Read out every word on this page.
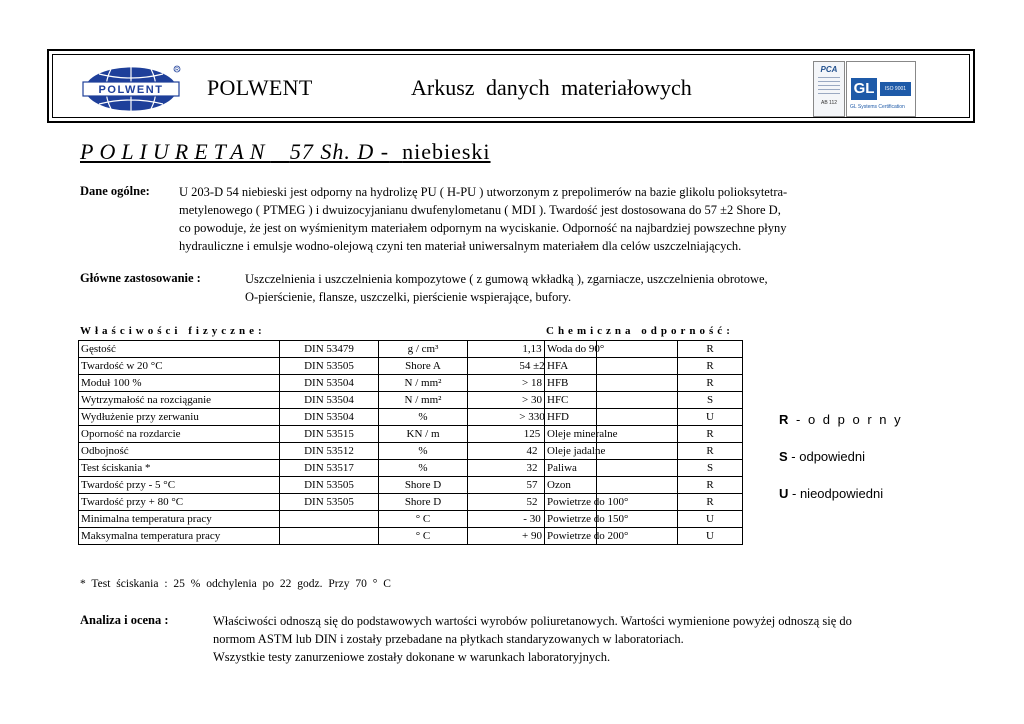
POLWENT
R
POLWENT	Arkusz danych materiałowych
PCA
AB 112
GL	ISO 9001
GL Systems Certification
POLIURETAN 57 Sh. D - niebieski
Dane ogólne: U 203-D 54 niebieski jest odporny na hydrolizę PU ( H-PU ) utworzonym z prepolimerów na bazie glikolu polioksytetra-
metylenowego ( PTMEG ) i dwuizocyjanianu dwufenylometanu ( MDI ). Twardość jest dostosowana do 57 ±2 Shore D,
co powoduje, że jest on wyśmienitym materiałem odpornym na wyciskanie. Odporność na najbardziej powszechne płyny
hydrauliczne i emulsje wodno-olejową czyni ten materiał uniwersalnym materiałem dla celów uszczelniających.
Główne zastosowanie :	Uszczelnienia i uszczelnienia kompozytowe ( z gumową wkładką ), zgarniacze, uszczelnienia obrotowe,
O-pierścienie, flansze, uszczelki, pierścienie wspierające, bufory.
Właściwości fizyczne:	Chemiczna odporność:
Gęstość	DIN 53479	g / cm³	1,13
Twardość w 20 °C	DIN 53505	Shore A	54 ±2
Moduł 100 %	DIN 53504	N / mm²	> 18
Wytrzymałość na rozciąganie	DIN 53504	N / mm²	> 30
Wydłużenie przy zerwaniu	DIN 53504	%	> 330
Oporność na rozdarcie	DIN 53515	KN / m	125
Odbojność	DIN 53512	%	42
Test ściskania *	DIN 53517	%	32
Twardość przy - 5 °C	DIN 53505	Shore D	57
Twardość przy + 80 °C	DIN 53505	Shore D	52
Minimalna temperatura pracy		° C	- 30
Maksymalna temperatura pracy		° C	+ 90
Woda do 90°	R
HFA	R
HFB	R
HFC	S
HFD	U
Oleje mineralne	R
Oleje jadalne	R
Paliwa	S
Ozon	R
Powietrze do 100°	R
Powietrze do 150°	U
Powietrze do 200°	U
R - o d p o r n y
S - odpowiedni
U - nieodpowiedni
* Test ściskania : 25 % odchylenia po 22 godz. Przy 70 ° C
Analiza i ocena :	Właściwości odnoszą się do podstawowych wartości wyrobów poliuretanowych. Wartości wymienione powyżej odnoszą się do
normom ASTM lub DIN i zostały przebadane na płytkach standaryzowanych w laboratoriach.
Wszystkie testy zanurzeniowe zostały dokonane w warunkach laboratoryjnych.
